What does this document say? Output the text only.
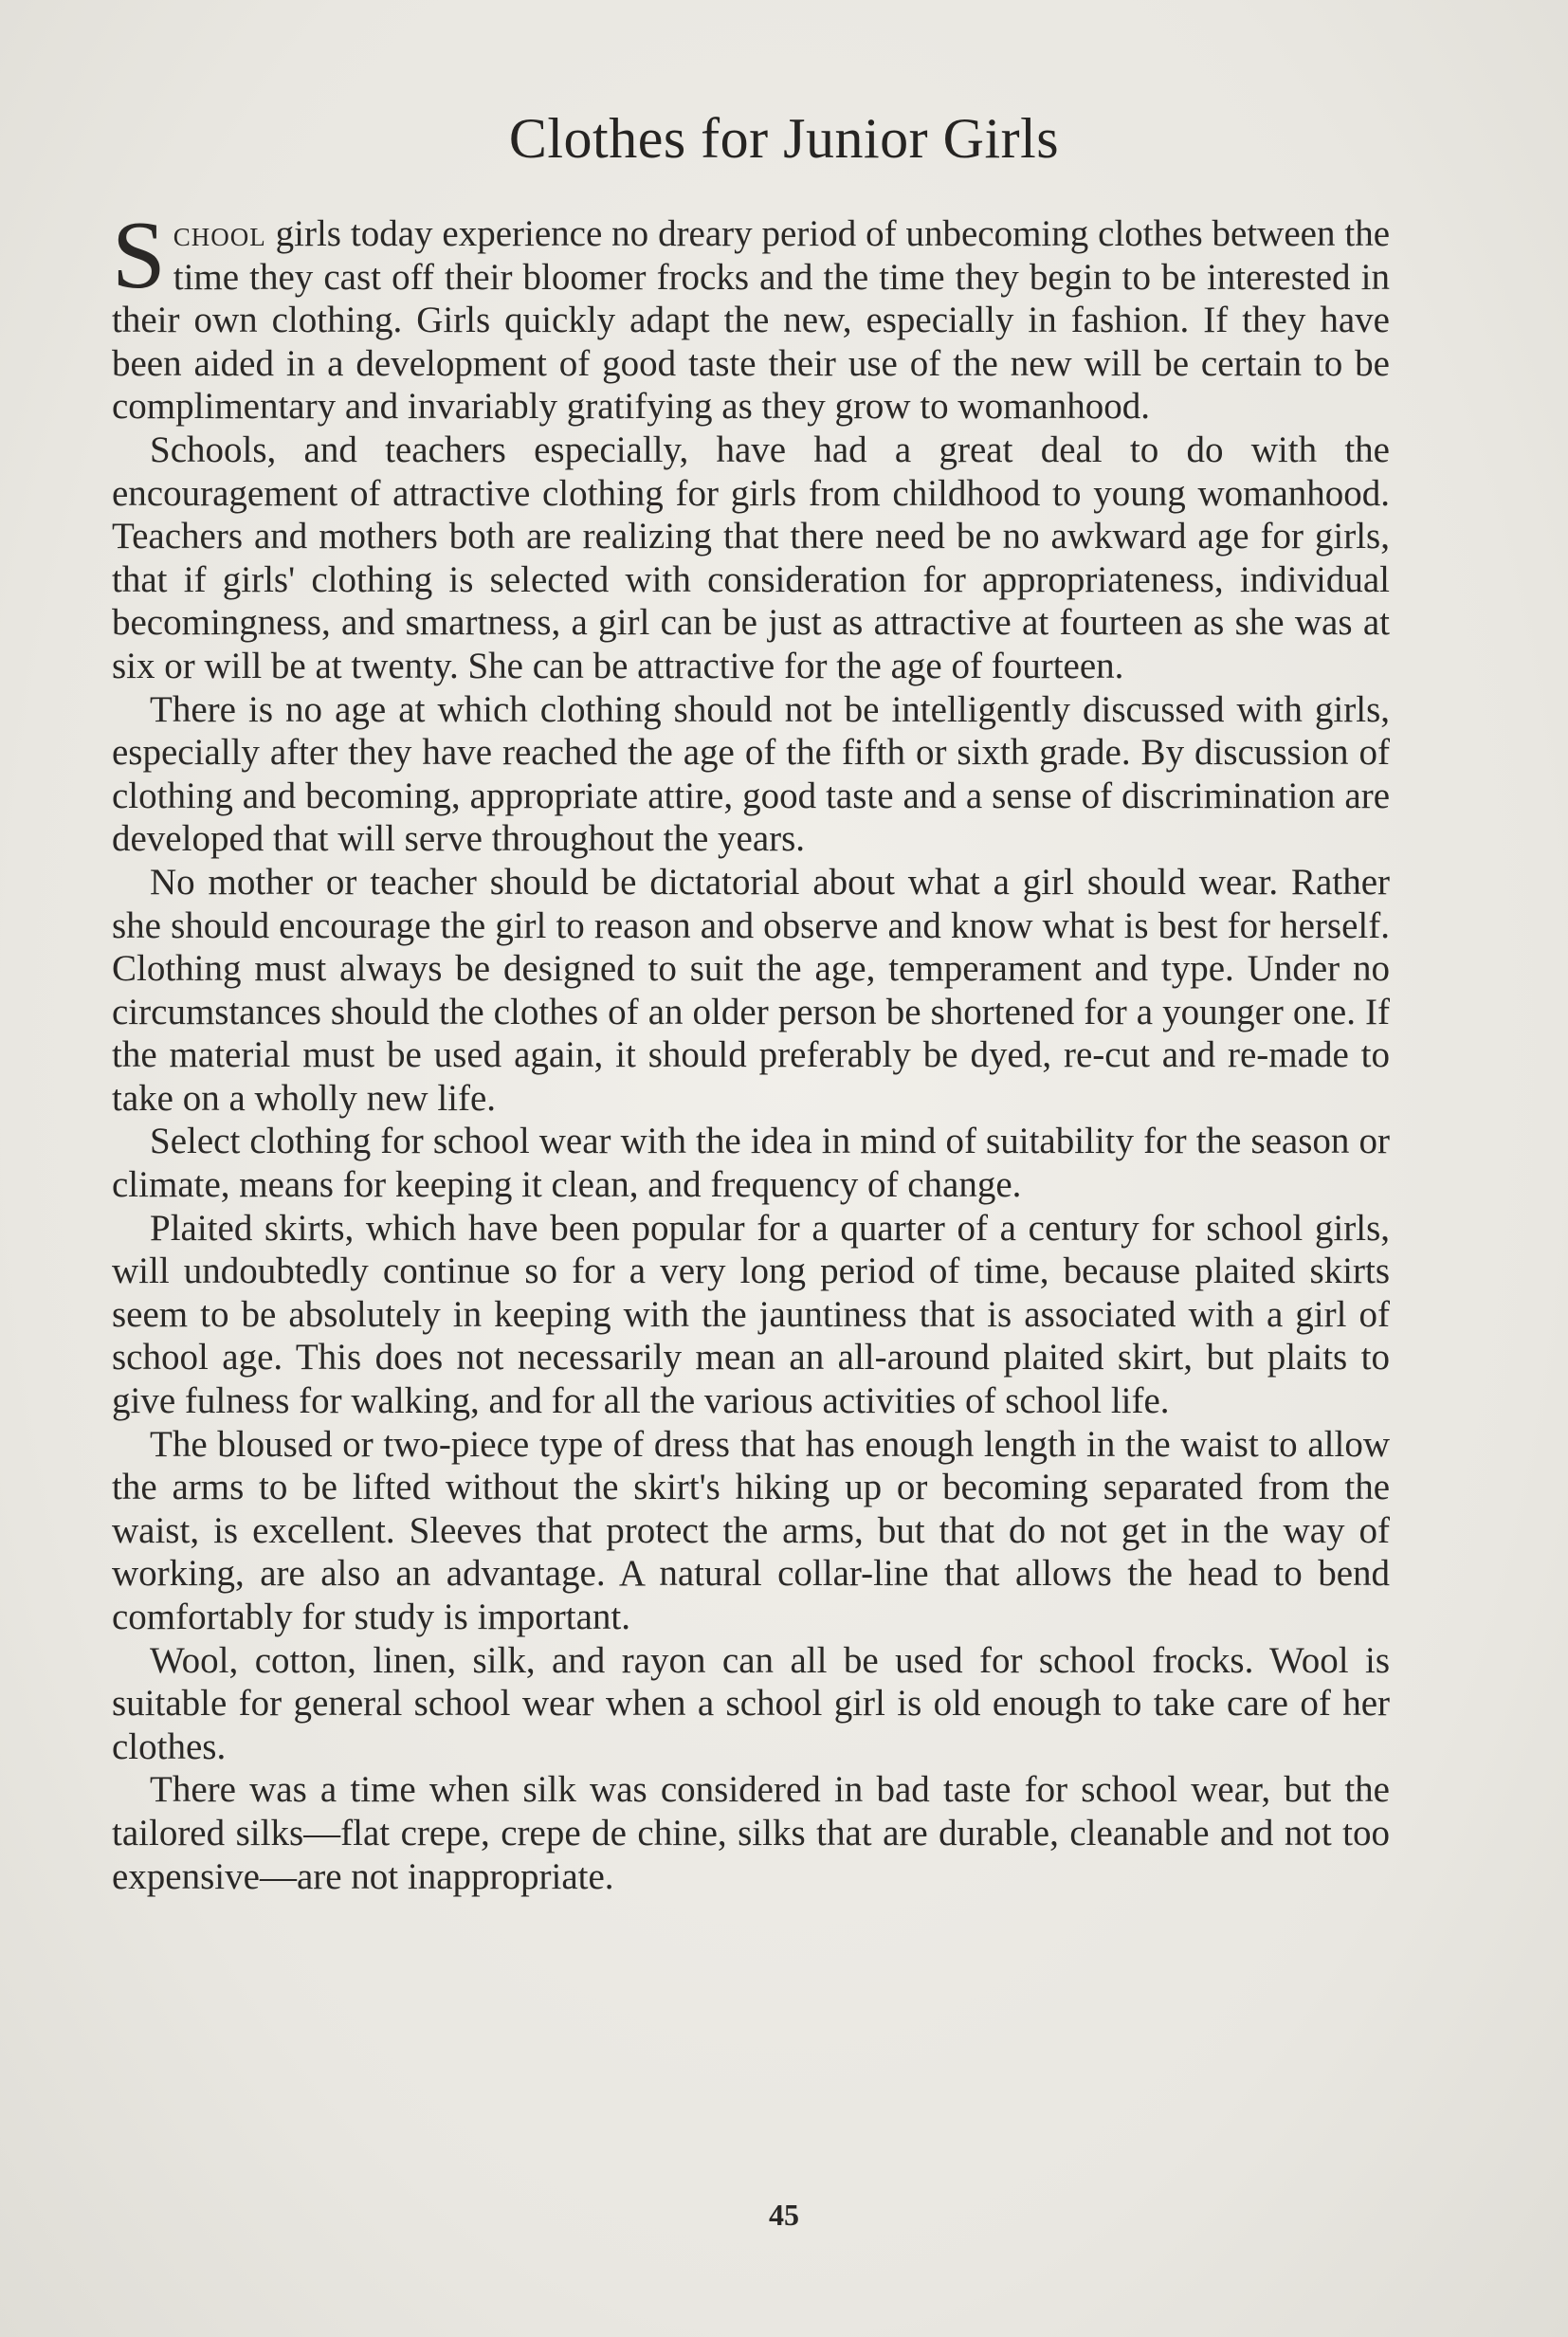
Clothes for Junior Girls

School girls today experience no dreary period of unbecoming clothes between the time they cast off their bloomer frocks and the time they begin to be interested in their own clothing. Girls quickly adapt the new, especially in fashion. If they have been aided in a development of good taste their use of the new will be certain to be complimentary and invariably gratifying as they grow to womanhood.

Schools, and teachers especially, have had a great deal to do with the encouragement of attractive clothing for girls from childhood to young womanhood. Teachers and mothers both are realizing that there need be no awkward age for girls, that if girls' clothing is selected with consideration for appropriateness, individual becomingness, and smartness, a girl can be just as attractive at fourteen as she was at six or will be at twenty. She can be attractive for the age of fourteen.

There is no age at which clothing should not be intelligently discussed with girls, especially after they have reached the age of the fifth or sixth grade. By discussion of clothing and becoming, appropriate attire, good taste and a sense of discrimination are developed that will serve throughout the years.

No mother or teacher should be dictatorial about what a girl should wear. Rather she should encourage the girl to reason and observe and know what is best for herself. Clothing must always be designed to suit the age, temperament and type. Under no circumstances should the clothes of an older person be shortened for a younger one. If the material must be used again, it should preferably be dyed, re-cut and re-made to take on a wholly new life.

Select clothing for school wear with the idea in mind of suitability for the season or climate, means for keeping it clean, and frequency of change.

Plaited skirts, which have been popular for a quarter of a century for school girls, will undoubtedly continue so for a very long period of time, because plaited skirts seem to be absolutely in keeping with the jauntiness that is associated with a girl of school age. This does not necessarily mean an all-around plaited skirt, but plaits to give fulness for walking, and for all the various activities of school life.

The bloused or two-piece type of dress that has enough length in the waist to allow the arms to be lifted without the skirt's hiking up or becoming separated from the waist, is excellent. Sleeves that protect the arms, but that do not get in the way of working, are also an advantage. A natural collar-line that allows the head to bend comfortably for study is important.

Wool, cotton, linen, silk, and rayon can all be used for school frocks. Wool is suitable for general school wear when a school girl is old enough to take care of her clothes.

There was a time when silk was considered in bad taste for school wear, but the tailored silks—flat crepe, crepe de chine, silks that are durable, cleanable and not too expensive—are not inappropriate.

45
